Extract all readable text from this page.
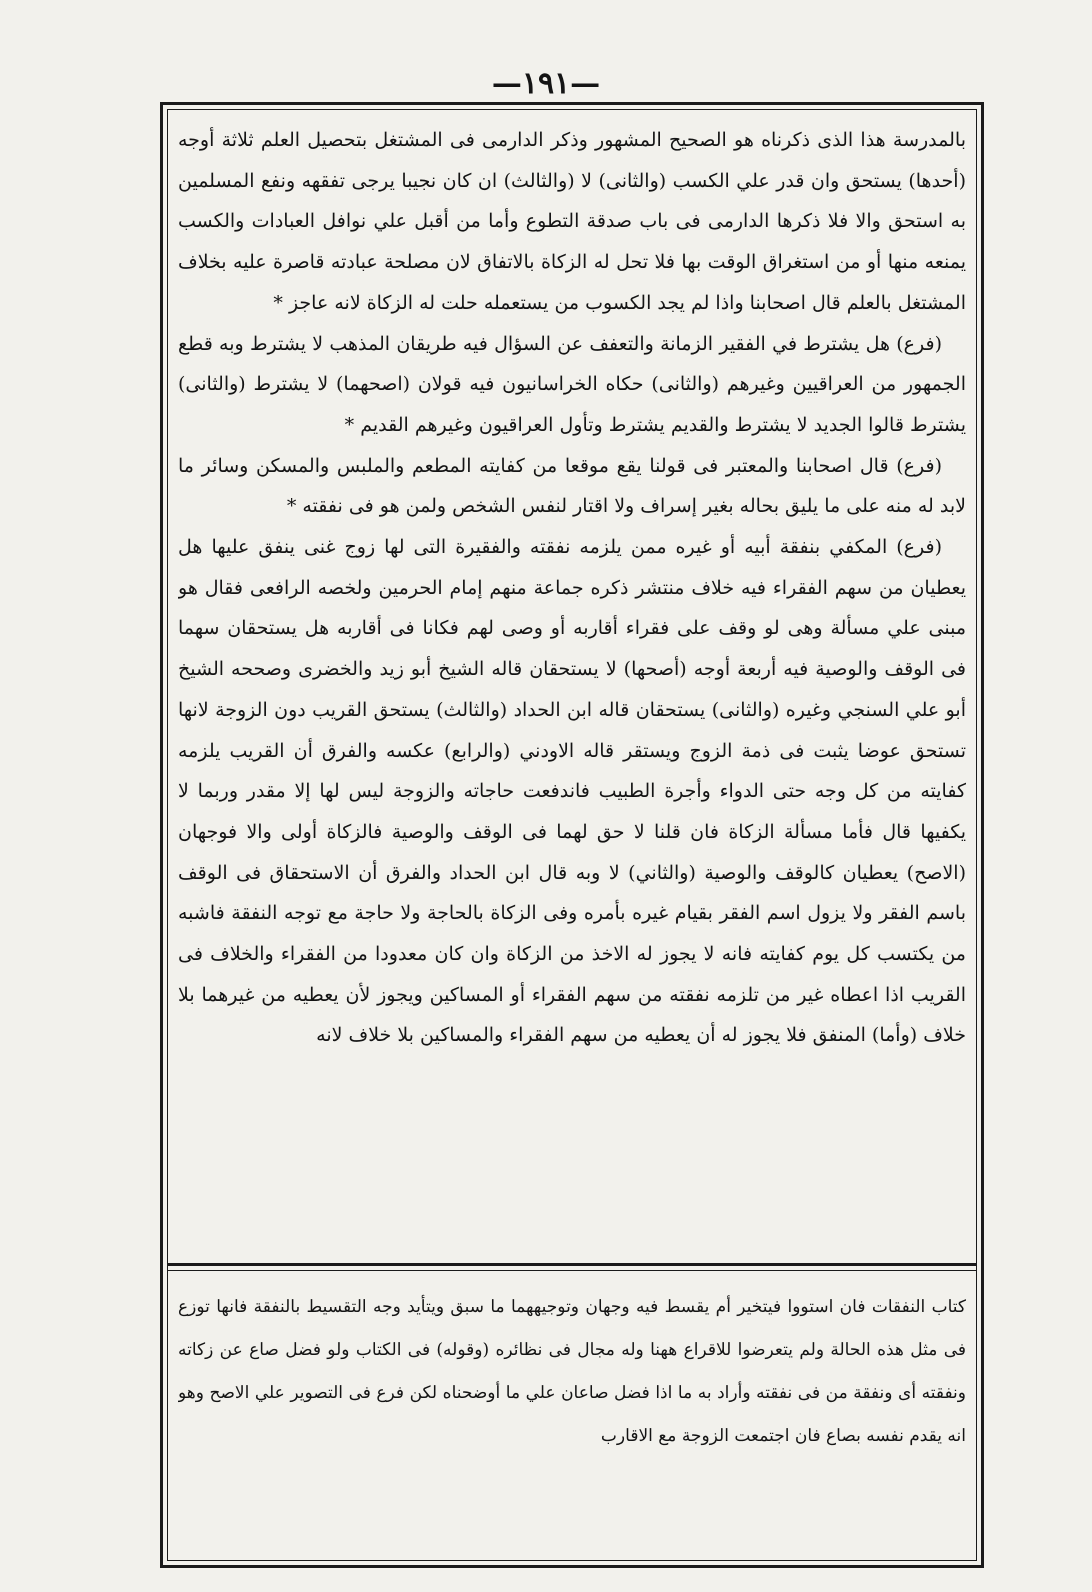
—١٩١—

بالمدرسة هذا الذى ذكرناه هو الصحيح المشهور وذكر الدارمى فى المشتغل بتحصيل العلم ثلاثة أوجه (أحدها) يستحق وان قدر علي الكسب (والثانى) لا (والثالث) ان كان نجيبا يرجى تفقهه ونفع المسلمين به استحق والا فلا ذكرها الدارمى فى باب صدقة التطوع وأما من أقبل علي نوافل العبادات والكسب يمنعه منها أو من استغراق الوقت بها فلا تحل له الزكاة بالاتفاق لان مصلحة عبادته قاصرة عليه بخلاف المشتغل بالعلم قال اصحابنا واذا لم يجد الكسوب من يستعمله حلت له الزكاة لانه عاجز *

(فرع) هل يشترط في الفقير الزمانة والتعفف عن السؤال فيه طريقان المذهب لا يشترط وبه قطع الجمهور من العراقيين وغيرهم (والثانى) حكاه الخراسانيون فيه قولان (اصحهما) لا يشترط (والثانى) يشترط قالوا الجديد لا يشترط والقديم يشترط وتأول العراقيون وغيرهم القديم *

(فرع) قال اصحابنا والمعتبر فى قولنا يقع موقعا من كفايته المطعم والملبس والمسكن وسائر ما لابد له منه على ما يليق بحاله بغير إسراف ولا اقتار لنفس الشخص ولمن هو فى نفقته *

(فرع) المكفي بنفقة أبيه أو غيره ممن يلزمه نفقته والفقيرة التى لها زوج غنى ينفق عليها هل يعطيان من سهم الفقراء فيه خلاف منتشر ذكره جماعة منهم إمام الحرمين ولخصه الرافعى فقال هو مبنى علي مسألة وهى لو وقف على فقراء أقاربه أو وصى لهم فكانا فى أقاربه هل يستحقان سهما فى الوقف والوصية فيه أربعة أوجه (أصحها) لا يستحقان قاله الشيخ أبو زيد والخضرى وصححه الشيخ أبو علي السنجي وغيره (والثانى) يستحقان قاله ابن الحداد (والثالث) يستحق القريب دون الزوجة لانها تستحق عوضا يثبت فى ذمة الزوج ويستقر قاله الاودني (والرابع) عكسه والفرق أن القريب يلزمه كفايته من كل وجه حتى الدواء وأجرة الطبيب فاندفعت حاجاته والزوجة ليس لها إلا مقدر وربما لا يكفيها قال فأما مسألة الزكاة فان قلنا لا حق لهما فى الوقف والوصية فالزكاة أولى والا فوجهان (الاصح) يعطيان كالوقف والوصية (والثاني) لا وبه قال ابن الحداد والفرق أن الاستحقاق فى الوقف باسم الفقر ولا يزول اسم الفقر بقيام غيره بأمره وفى الزكاة بالحاجة ولا حاجة مع توجه النفقة فاشبه من يكتسب كل يوم كفايته فانه لا يجوز له الاخذ من الزكاة وان كان معدودا من الفقراء والخلاف فى القريب اذا اعطاه غير من تلزمه نفقته من سهم الفقراء أو المساكين ويجوز لأن يعطيه من غيرهما بلا خلاف (وأما) المنفق فلا يجوز له أن يعطيه من سهم الفقراء والمساكين بلا خلاف لانه

كتاب النفقات فان استووا فيتخير أم يقسط فيه وجهان وتوجيههما ما سبق ويتأيد وجه التقسيط بالنفقة فانها توزع فى مثل هذه الحالة ولم يتعرضوا للاقراع ههنا وله مجال فى نظائره (وقوله) فى الكتاب ولو فضل صاع عن زكاته ونفقته أى ونفقة من فى نفقته وأراد به ما اذا فضل صاعان علي ما أوضحناه لكن فرع فى التصوير علي الاصح وهو انه يقدم نفسه بصاع فان اجتمعت الزوجة مع الاقارب
